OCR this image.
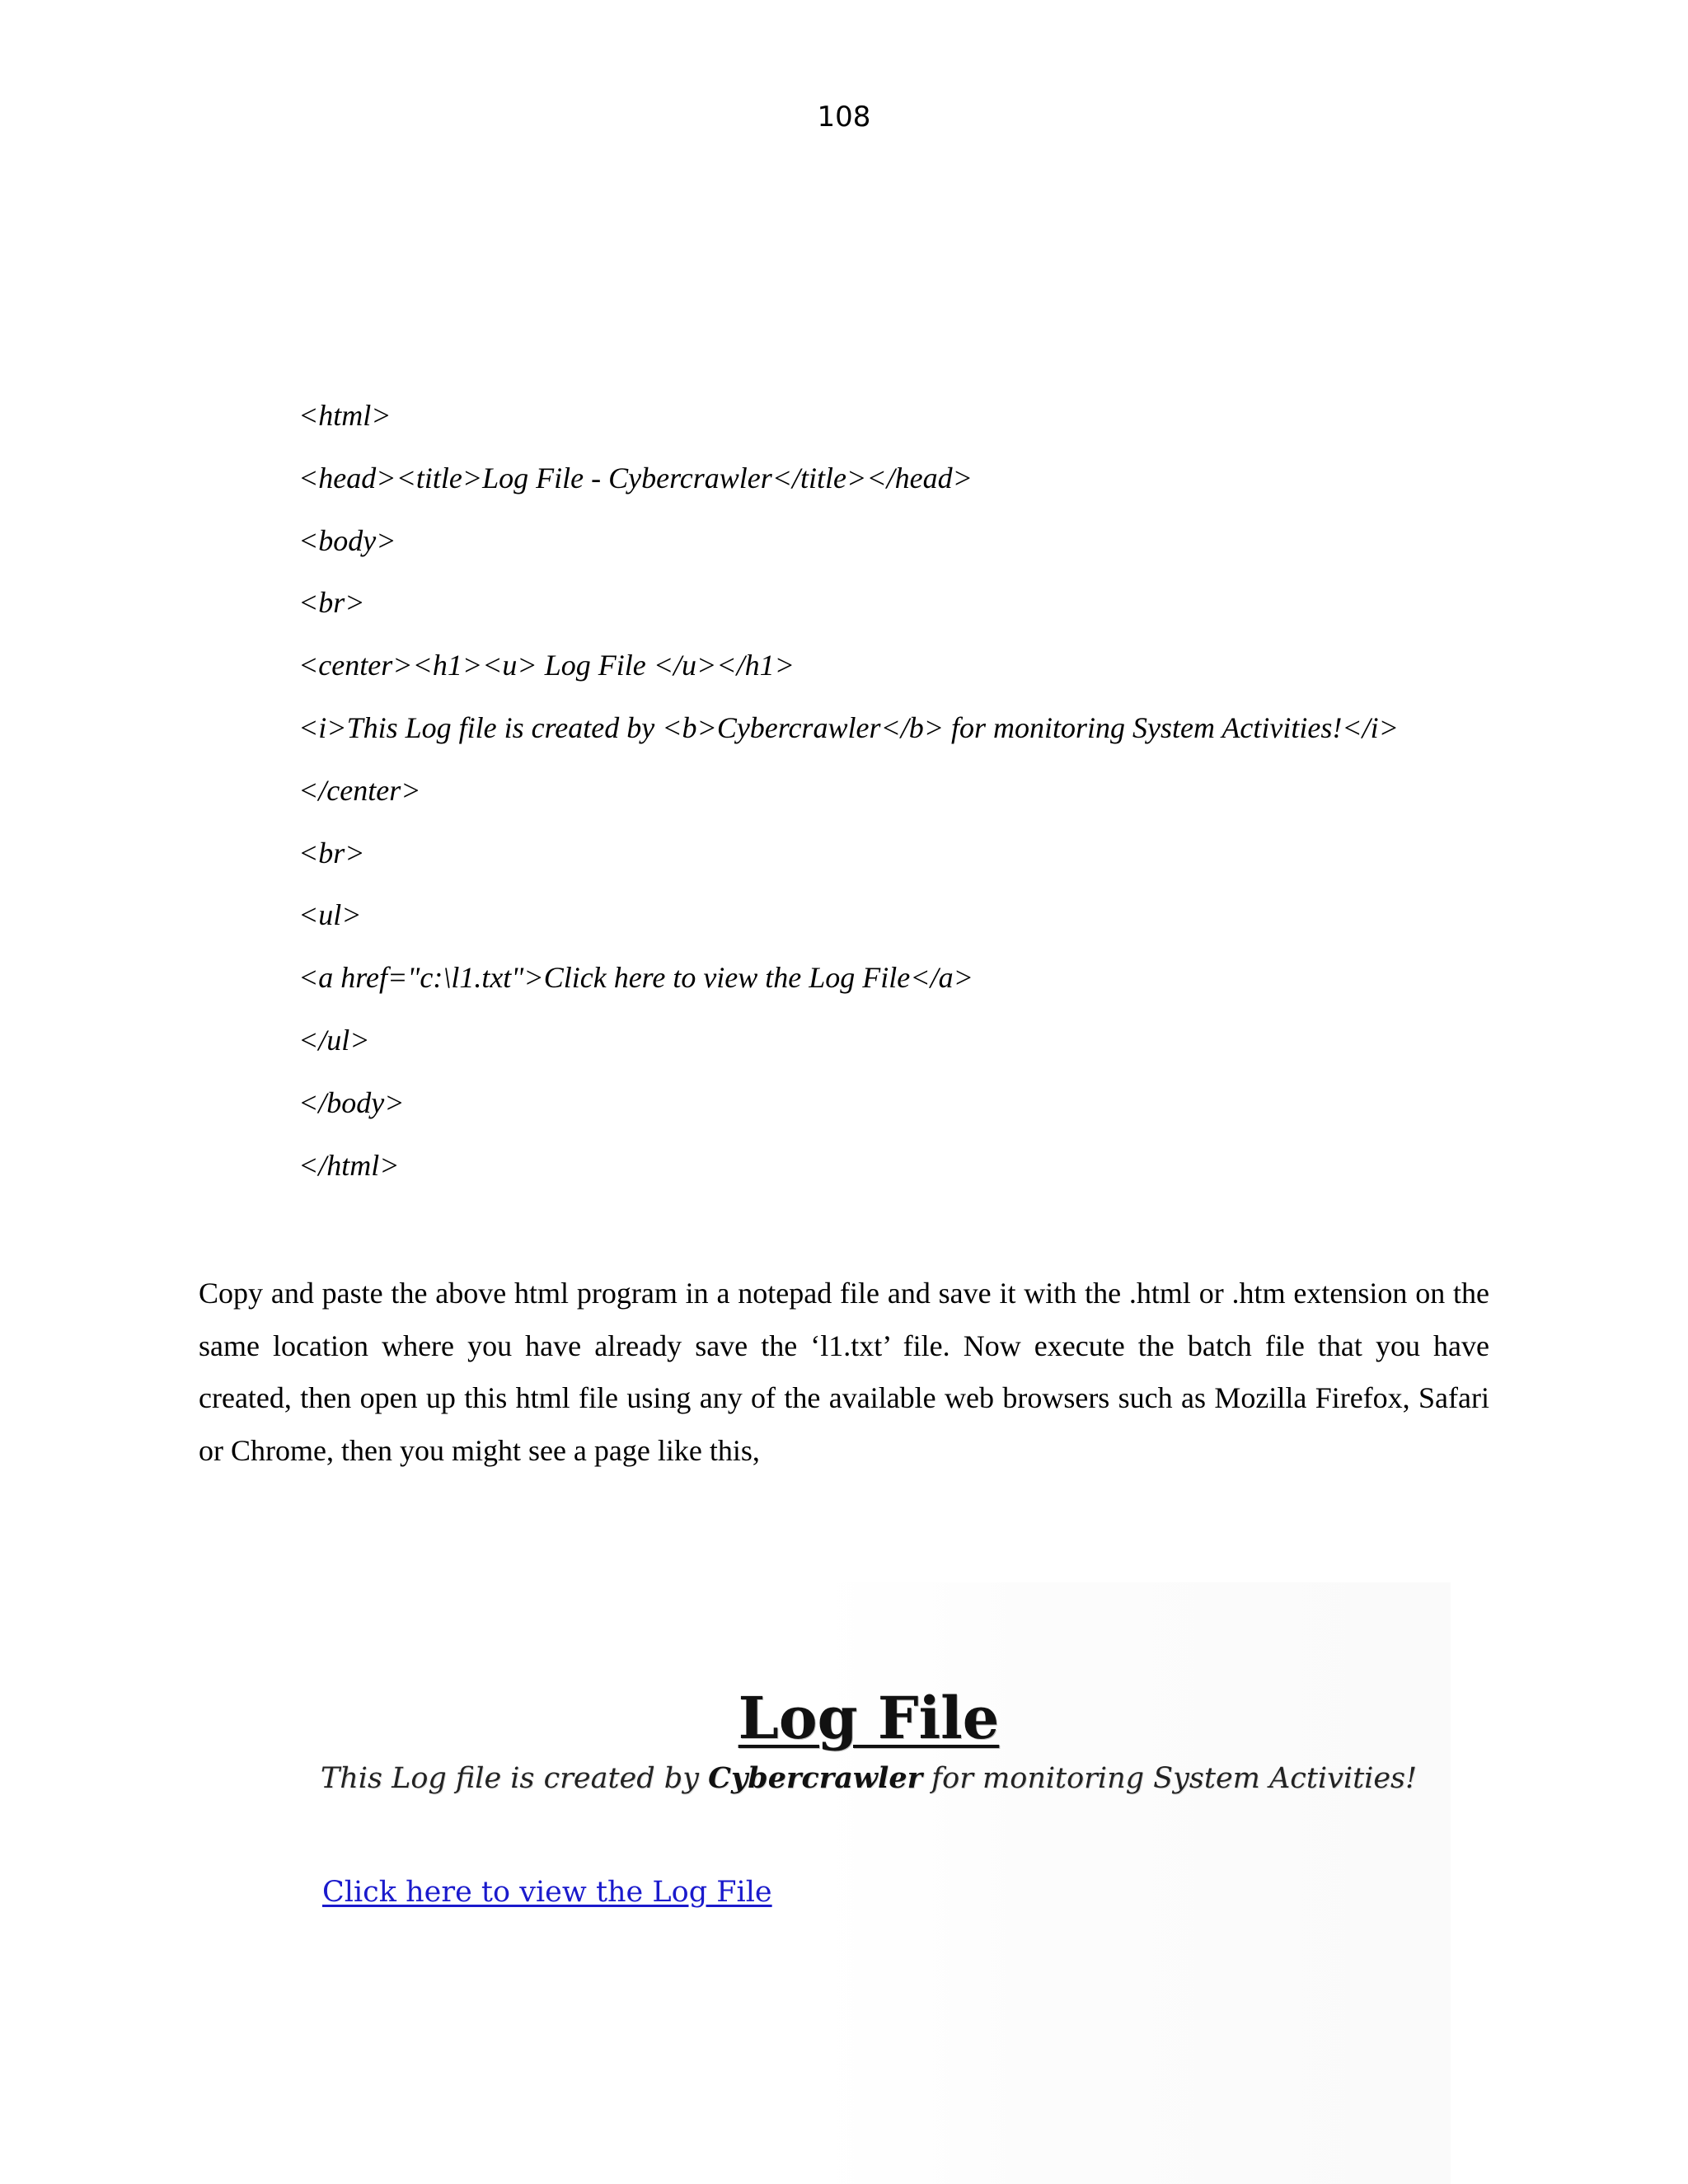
108
<html>
<head><title>Log File - Cybercrawler</title></head>
<body>
<br>
<center><h1><u> Log File </u></h1>
<i>This Log file is created by <b>Cybercrawler</b> for monitoring System Activities!</i>
</center>
<br>
<ul>
<a href="c:\l1.txt">Click here to view the Log File</a>
</ul>
</body>
</html>

Copy and paste the above html program in a notepad file and save it with the .html or .htm extension on the same location where you have already save the ‘l1.txt’ file. Now execute the batch file that you have created, then open up this html file using any of the available web browsers such as Mozilla Firefox, Safari or Chrome, then you might see a page like this,

Log File
This Log file is created by Cybercrawler for monitoring System Activities!
Click here to view the Log File
